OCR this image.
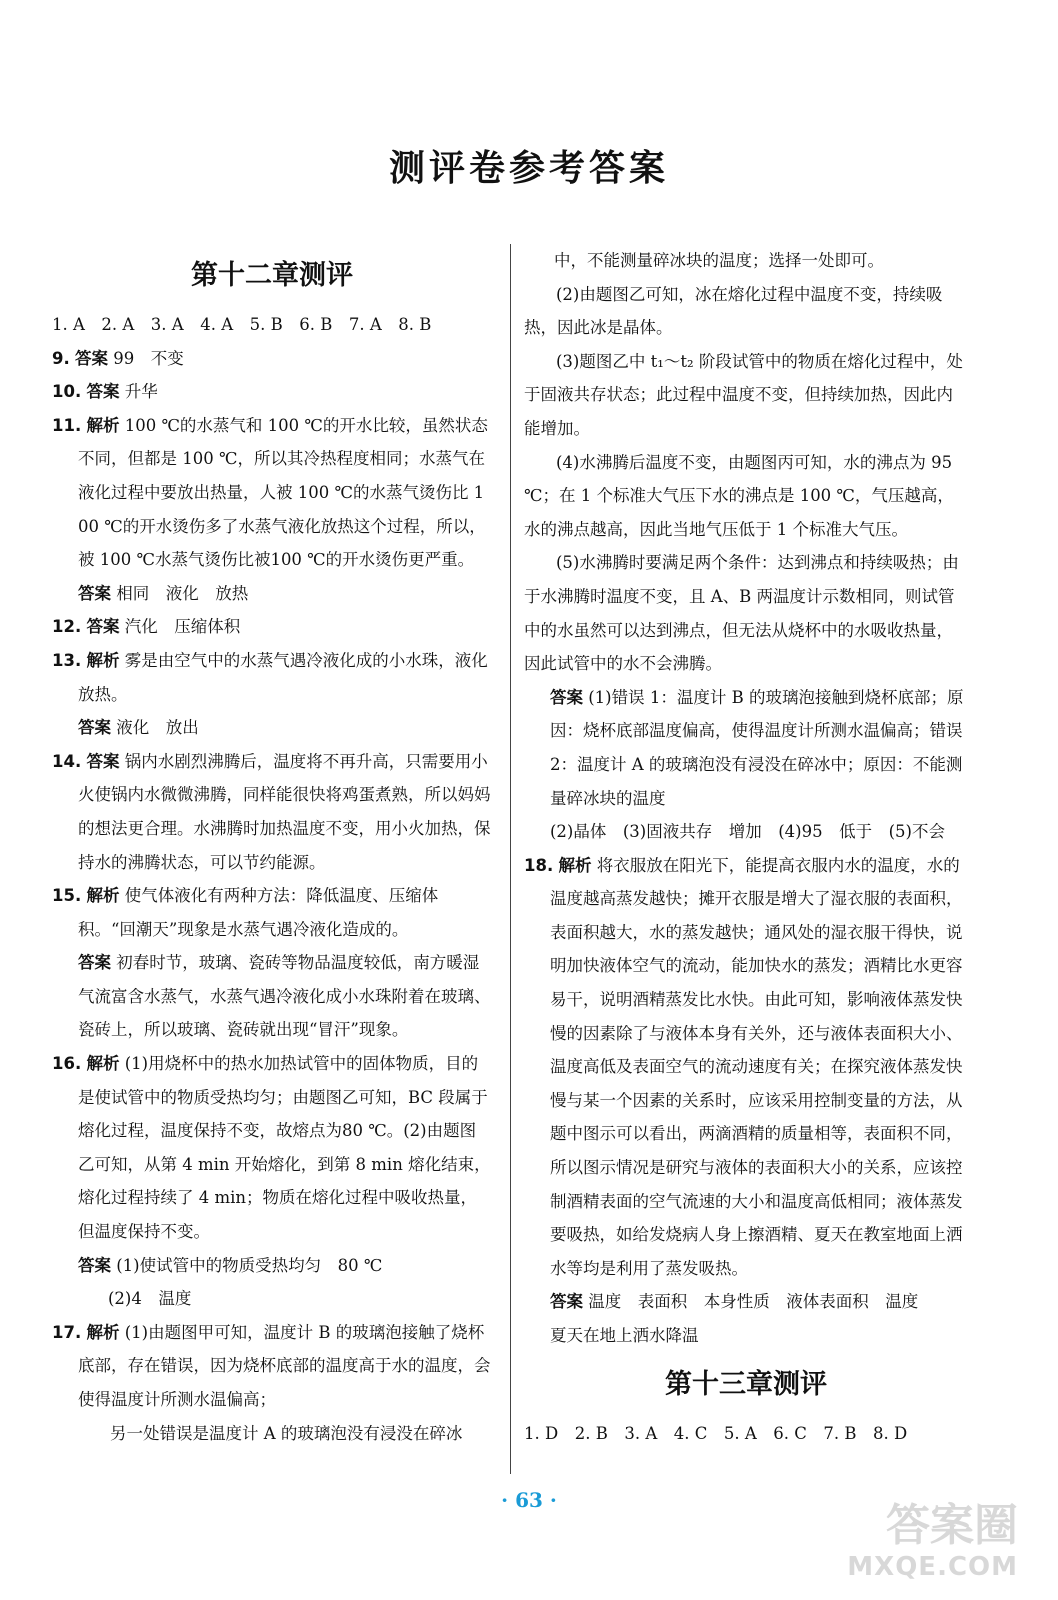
测评卷参考答案
第十二章测评
1. A　2. A　3. A　4. A　5. B　6. B　7. A　8. B
9. 答案 99　不变
10. 答案 升华
11. 解析 100 ℃的水蒸气和 100 ℃的开水比较，虽然状态不同，但都是 100 ℃，所以其冷热程度相同；水蒸气在液化过程中要放出热量，人被 100 ℃的水蒸气烫伤比 100 ℃的开水烫伤多了水蒸气液化放热这个过程，所以，被 100 ℃水蒸气烫伤比被100 ℃的开水烫伤更严重。
答案 相同　液化　放热
12. 答案 汽化　压缩体积
13. 解析 雾是由空气中的水蒸气遇冷液化成的小水珠，液化放热。
答案 液化　放出
14. 答案 锅内水剧烈沸腾后，温度将不再升高，只需要用小火使锅内水微微沸腾，同样能很快将鸡蛋煮熟，所以妈妈的想法更合理。水沸腾时加热温度不变，用小火加热，保持水的沸腾状态，可以节约能源。
15. 解析 使气体液化有两种方法：降低温度、压缩体积。“回潮天”现象是水蒸气遇冷液化造成的。
答案 初春时节，玻璃、瓷砖等物品温度较低，南方暖湿气流富含水蒸气，水蒸气遇冷液化成小水珠附着在玻璃、瓷砖上，所以玻璃、瓷砖就出现“冒汗”现象。
16. 解析 (1)用烧杯中的热水加热试管中的固体物质，目的是使试管中的物质受热均匀；由题图乙可知，BC 段属于熔化过程，温度保持不变，故熔点为80 ℃。(2)由题图乙可知，从第 4 min 开始熔化，到第 8 min 熔化结束，熔化过程持续了 4 min；物质在熔化过程中吸收热量，但温度保持不变。
答案 (1)使试管中的物质受热均匀　80 ℃
(2)4　温度
17. 解析 (1)由题图甲可知，温度计 B 的玻璃泡接触了烧杯底部，存在错误，因为烧杯底部的温度高于水的温度，会使得温度计所测水温偏高；
另一处错误是温度计 A 的玻璃泡没有浸没在碎冰
中，不能测量碎冰块的温度；选择一处即可。
(2)由题图乙可知，冰在熔化过程中温度不变，持续吸热，因此冰是晶体。
(3)题图乙中 t₁～t₂ 阶段试管中的物质在熔化过程中，处于固液共存状态；此过程中温度不变，但持续加热，因此内能增加。
(4)水沸腾后温度不变，由题图丙可知，水的沸点为 95 ℃；在 1 个标准大气压下水的沸点是 100 ℃，气压越高，水的沸点越高，因此当地气压低于 1 个标准大气压。
(5)水沸腾时要满足两个条件：达到沸点和持续吸热；由于水沸腾时温度不变，且 A、B 两温度计示数相同，则试管中的水虽然可以达到沸点，但无法从烧杯中的水吸收热量，因此试管中的水不会沸腾。
答案 (1)错误 1：温度计 B 的玻璃泡接触到烧杯底部；原因：烧杯底部温度偏高，使得温度计所测水温偏高；错误 2：温度计 A 的玻璃泡没有浸没在碎冰中；原因：不能测量碎冰块的温度
(2)晶体　(3)固液共存　增加　(4)95　低于　(5)不会
18. 解析 将衣服放在阳光下，能提高衣服内水的温度，水的温度越高蒸发越快；摊开衣服是增大了湿衣服的表面积，表面积越大，水的蒸发越快；通风处的湿衣服干得快，说明加快液体空气的流动，能加快水的蒸发；酒精比水更容易干，说明酒精蒸发比水快。由此可知，影响液体蒸发快慢的因素除了与液体本身有关外，还与液体表面积大小、温度高低及表面空气的流动速度有关；在探究液体蒸发快慢与某一个因素的关系时，应该采用控制变量的方法，从题中图示可以看出，两滴酒精的质量相等，表面积不同，所以图示情况是研究与液体的表面积大小的关系，应该控制酒精表面的空气流速的大小和温度高低相同；液体蒸发要吸热，如给发烧病人身上擦酒精、夏天在教室地面上洒水等均是利用了蒸发吸热。
答案 温度　表面积　本身性质　液体表面积　温度
夏天在地上洒水降温
第十三章测评
1. D　2. B　3. A　4. C　5. A　6. C　7. B　8. D
· 63 ·	答案圈
MXQE.COM
